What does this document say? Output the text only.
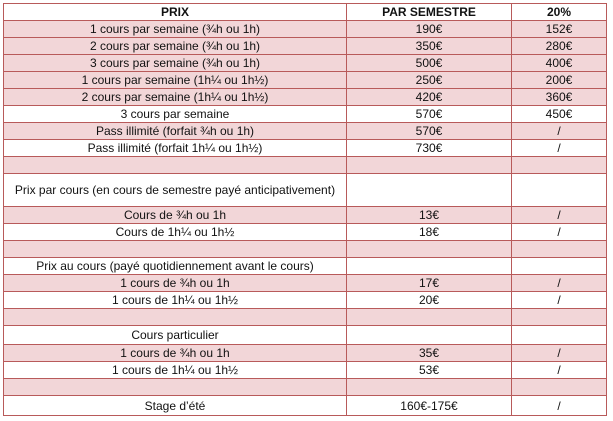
PRIX	PAR SEMESTRE	20%
1 cours par semaine (¾h ou 1h)	190€	152€
2 cours par semaine (¾h ou 1h)	350€	280€
3 cours par semaine (¾h ou 1h)	500€	400€
1 cours par semaine (1h¼ ou 1h½)	250€	200€
2 cours par semaine (1h¼ ou 1h½)	420€	360€
3 cours par semaine	570€	450€
Pass illimité (forfait ¾h ou 1h)	570€	/
Pass illimité (forfait 1h¼ ou 1h½)	730€	/

Prix par cours (en cours de semestre payé anticipativement)		
Cours de ¾h ou 1h	13€	/
Cours de 1h¼ ou 1h½	18€	/

Prix au cours (payé quotidiennement avant le cours)		
1 cours de ¾h ou 1h	17€	/
1 cours de 1h¼ ou 1h½	20€	/

Cours particulier		
1 cours de ¾h ou 1h	35€	/
1 cours de 1h¼ ou 1h½	53€	/

Stage d’été	160€-175€	/
